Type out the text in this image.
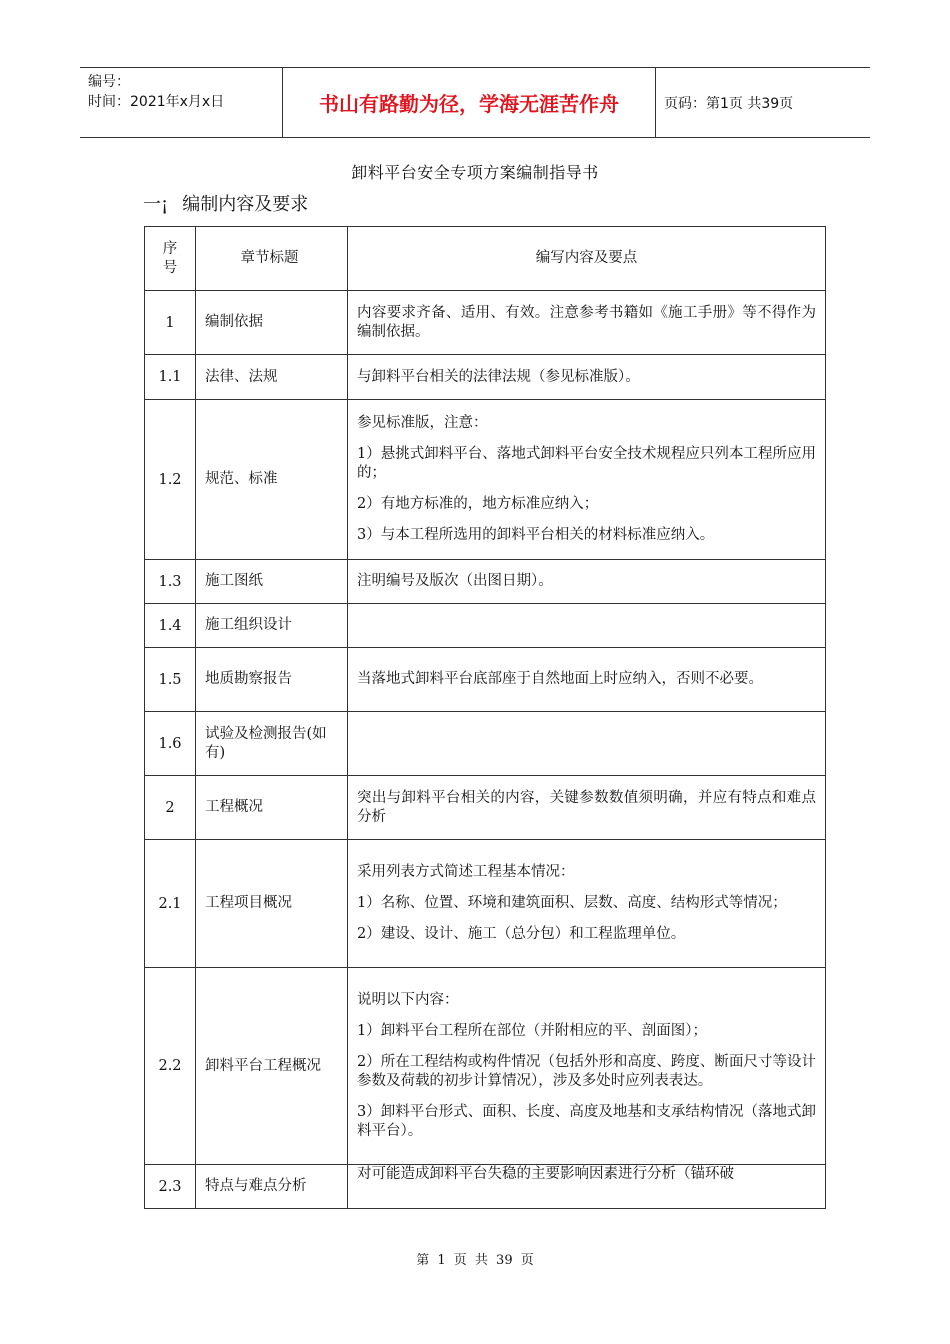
编号：
时间：2021年x月x日	书山有路勤为径，学海无涯苦作舟	页码：第1页 共39页
卸料平台安全专项方案编制指导书
一¡ 编制内容及要求
序号	章节标题	编写内容及要点
1	编制依据	内容要求齐备、适用、有效。注意参考书籍如《施工手册》等不得作为编制依据。

1.1	法律、法规	与卸料平台相关的法律法规（参见标准版）。

1.2	规范、标准	参见标准版，注意：

1）悬挑式卸料平台、落地式卸料平台安全技术规程应只列本工程所应用的；

2）有地方标准的，地方标准应纳入；

3）与本工程所选用的卸料平台相关的材料标准应纳入。

1.3	施工图纸	注明编号及版次（出图日期）。

1.4	施工组织设计	
1.5	地质勘察报告	当落地式卸料平台底部座于自然地面上时应纳入，否则不必要。

1.6	试验及检测报告(如有)	
2	工程概况	突出与卸料平台相关的内容，关键参数数值须明确，并应有特点和难点分析

2.1	工程项目概况	采用列表方式简述工程基本情况：

1）名称、位置、环境和建筑面积、层数、高度、结构形式等情况；

2）建设、设计、施工（总分包）和工程监理单位。

2.2	卸料平台工程概况	说明以下内容：

1）卸料平台工程所在部位（并附相应的平、剖面图）；

2）所在工程结构或构件情况（包括外形和高度、跨度、断面尺寸等设计参数及荷载的初步计算情况），涉及多处时应列表表达。

3）卸料平台形式、面积、长度、高度及地基和支承结构情况（落地式卸料平台）。

2.3	特点与难点分析	对可能造成卸料平台失稳的主要影响因素进行分析（锚环破

第 1 页 共 39 页
